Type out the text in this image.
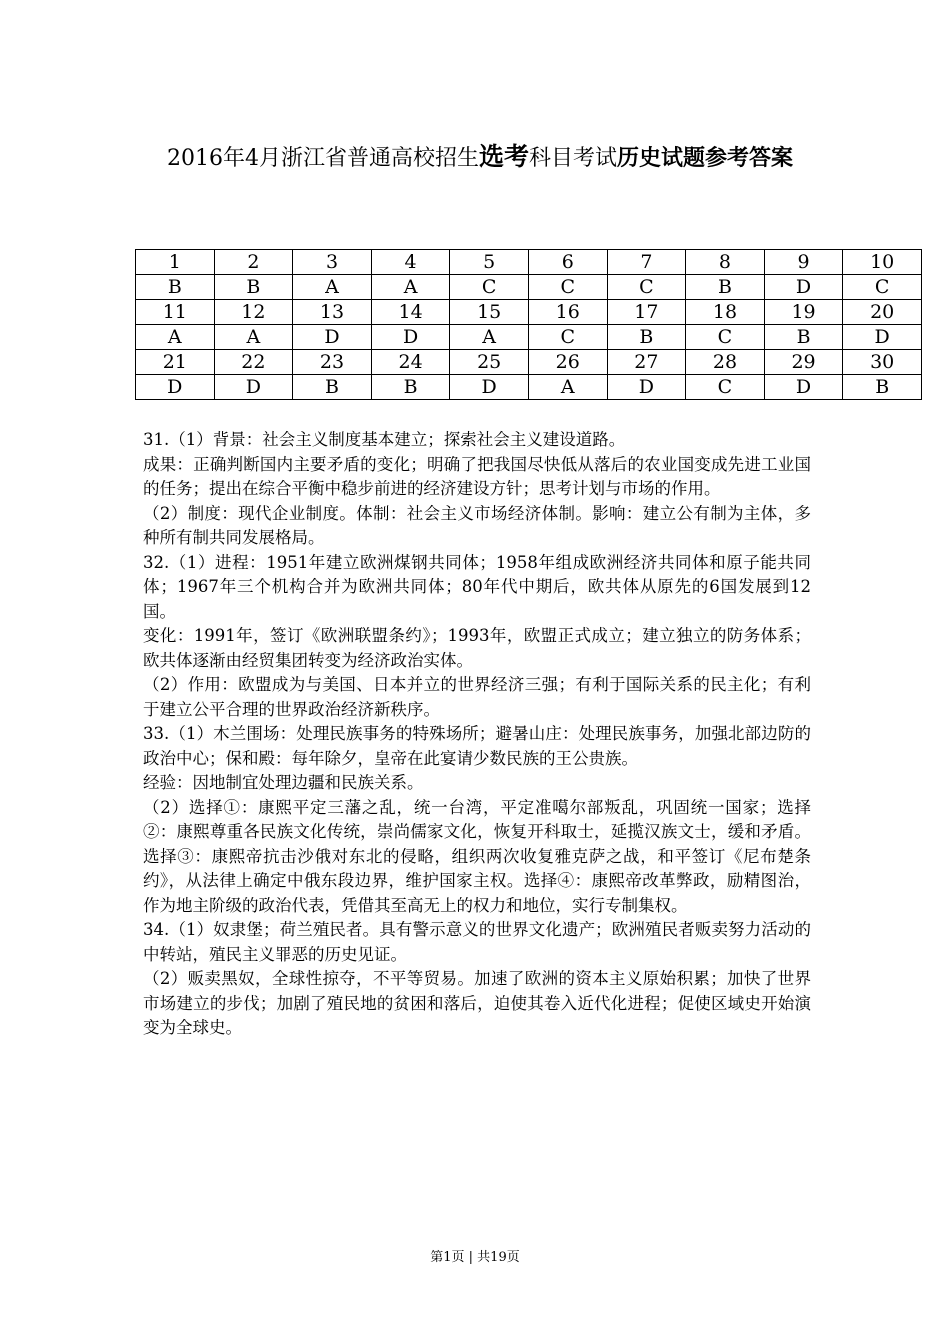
2016年4月浙江省普通高校招生选考科目考试历史试题参考答案
1	2	3	4	5	6	7	8	9	10
B	B	A	A	C	C	C	B	D	C
11	12	13	14	15	16	17	18	19	20
A	A	D	D	A	C	B	C	B	D
21	22	23	24	25	26	27	28	29	30
D	D	B	B	D	A	D	C	D	B

31.（1）背景：社会主义制度基本建立；探索社会主义建设道路。

成果：正确判断国内主要矛盾的变化；明确了把我国尽快低从落后的农业国变成先进工业国的任务；提出在综合平衡中稳步前进的经济建设方针；思考计划与市场的作用。

（2）制度：现代企业制度。体制：社会主义市场经济体制。影响：建立公有制为主体，多种所有制共同发展格局。

32.（1）进程：1951年建立欧洲煤钢共同体；1958年组成欧洲经济共同体和原子能共同体；1967年三个机构合并为欧洲共同体；80年代中期后，欧共体从原先的6国发展到12国。

变化：1991年，签订《欧洲联盟条约》；1993年，欧盟正式成立；建立独立的防务体系；欧共体逐渐由经贸集团转变为经济政治实体。

（2）作用：欧盟成为与美国、日本并立的世界经济三强；有利于国际关系的民主化；有利于建立公平合理的世界政治经济新秩序。

33.（1）木兰围场：处理民族事务的特殊场所；避暑山庄：处理民族事务，加强北部边防的政治中心；保和殿：每年除夕，皇帝在此宴请少数民族的王公贵族。

经验：因地制宜处理边疆和民族关系。

（2）选择①：康熙平定三藩之乱，统一台湾，平定准噶尔部叛乱，巩固统一国家；选择②：康熙尊重各民族文化传统，崇尚儒家文化，恢复开科取士，延揽汉族文士，缓和矛盾。选择③：康熙帝抗击沙俄对东北的侵略，组织两次收复雅克萨之战，和平签订《尼布楚条约》，从法律上确定中俄东段边界，维护国家主权。选择④：康熙帝改革弊政，励精图治，作为地主阶级的政治代表，凭借其至高无上的权力和地位，实行专制集权。

34.（1）奴隶堡；荷兰殖民者。具有警示意义的世界文化遗产；欧洲殖民者贩卖努力活动的中转站，殖民主义罪恶的历史见证。

（2）贩卖黑奴，全球性掠夺，不平等贸易。加速了欧洲的资本主义原始积累；加快了世界市场建立的步伐；加剧了殖民地的贫困和落后，迫使其卷入近代化进程；促使区域史开始演变为全球史。

第1页 | 共19页
